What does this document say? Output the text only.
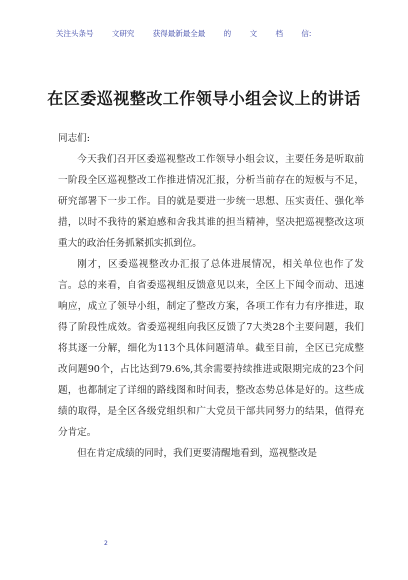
关注头条号 文研究 获得最新最全最 的 文 档 信:
在区委巡视整改工作领导小组会议上的讲话

同志们:

今天我们召开区委巡视整改工作领导小组会议，主要任务是听取前一阶段全区巡视整改工作推进情况汇报，分析当前存在的短板与不足，研究部署下一步工作。目的就是要进一步统一思想、压实责任、强化举措，以时不我待的紧迫感和舍我其谁的担当精神，坚决把巡视整改这项重大的政治任务抓紧抓实抓到位。

刚才，区委巡视整改办汇报了总体进展情况，相关单位也作了发言。总的来看，自省委巡视组反馈意见以来，全区上下闻令而动、迅速响应，成立了领导小组，制定了整改方案，各项工作有力有序推进，取得了阶段性成效。省委巡视组向我区反馈了7大类28个主要问题，我们将其逐一分解，细化为113个具体问题清单。截至目前，全区已完成整改问题90个，占比达到79.6%,其余需要持续推进或限期完成的23个问题，也都制定了详细的路线图和时间表，整改态势总体是好的。这些成绩的取得，是全区各级党组织和广大党员干部共同努力的结果，值得充分肯定。

但在肯定成绩的同时，我们更要清醒地看到，巡视整改是

2
